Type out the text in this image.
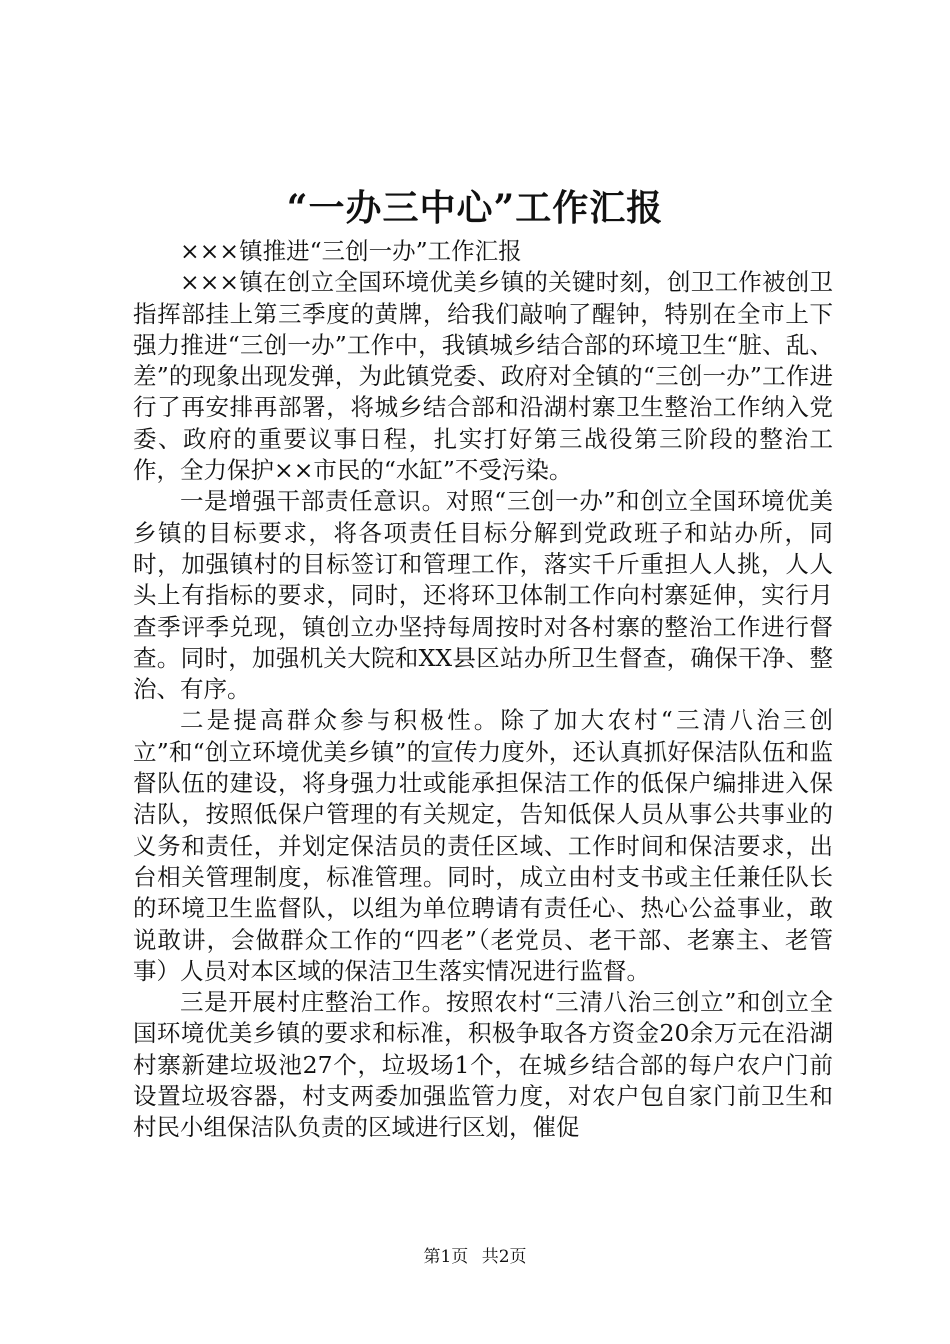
“一办三中心”工作汇报

×××镇推进“三创一办”工作汇报

×××镇在创立全国环境优美乡镇的关键时刻，创卫工作被创卫指挥部挂上第三季度的黄牌，给我们敲响了醒钟，特别在全市上下强力推进“三创一办”工作中，我镇城乡结合部的环境卫生“脏、乱、差”的现象出现发弹，为此镇党委、政府对全镇的“三创一办”工作进行了再安排再部署，将城乡结合部和沿湖村寨卫生整治工作纳入党委、政府的重要议事日程，扎实打好第三战役第三阶段的整治工作，全力保护××市民的“水缸”不受污染。

一是增强干部责任意识。对照“三创一办”和创立全国环境优美乡镇的目标要求，将各项责任目标分解到党政班子和站办所，同时，加强镇村的目标签订和管理工作，落实千斤重担人人挑，人人头上有指标的要求，同时，还将环卫体制工作向村寨延伸，实行月查季评季兑现，镇创立办坚持每周按时对各村寨的整治工作进行督查。同时，加强机关大院和XX县区站办所卫生督查，确保干净、整治、有序。

二是提高群众参与积极性。除了加大农村“三清八治三创立”和“创立环境优美乡镇”的宣传力度外，还认真抓好保洁队伍和监督队伍的建设，将身强力壮或能承担保洁工作的低保户编排进入保洁队，按照低保户管理的有关规定，告知低保人员从事公共事业的义务和责任，并划定保洁员的责任区域、工作时间和保洁要求，出台相关管理制度，标准管理。同时，成立由村支书或主任兼任队长的环境卫生监督队，以组为单位聘请有责任心、热心公益事业，敢说敢讲，会做群众工作的“四老”（老党员、老干部、老寨主、老管事）人员对本区域的保洁卫生落实情况进行监督。

三是开展村庄整治工作。按照农村“三清八治三创立”和创立全国环境优美乡镇的要求和标准，积极争取各方资金20余万元在沿湖村寨新建垃圾池27个，垃圾场1个，在城乡结合部的每户农户门前设置垃圾容器，村支两委加强监管力度，对农户包自家门前卫生和村民小组保洁队负责的区域进行区划，催促

第1页 共2页
